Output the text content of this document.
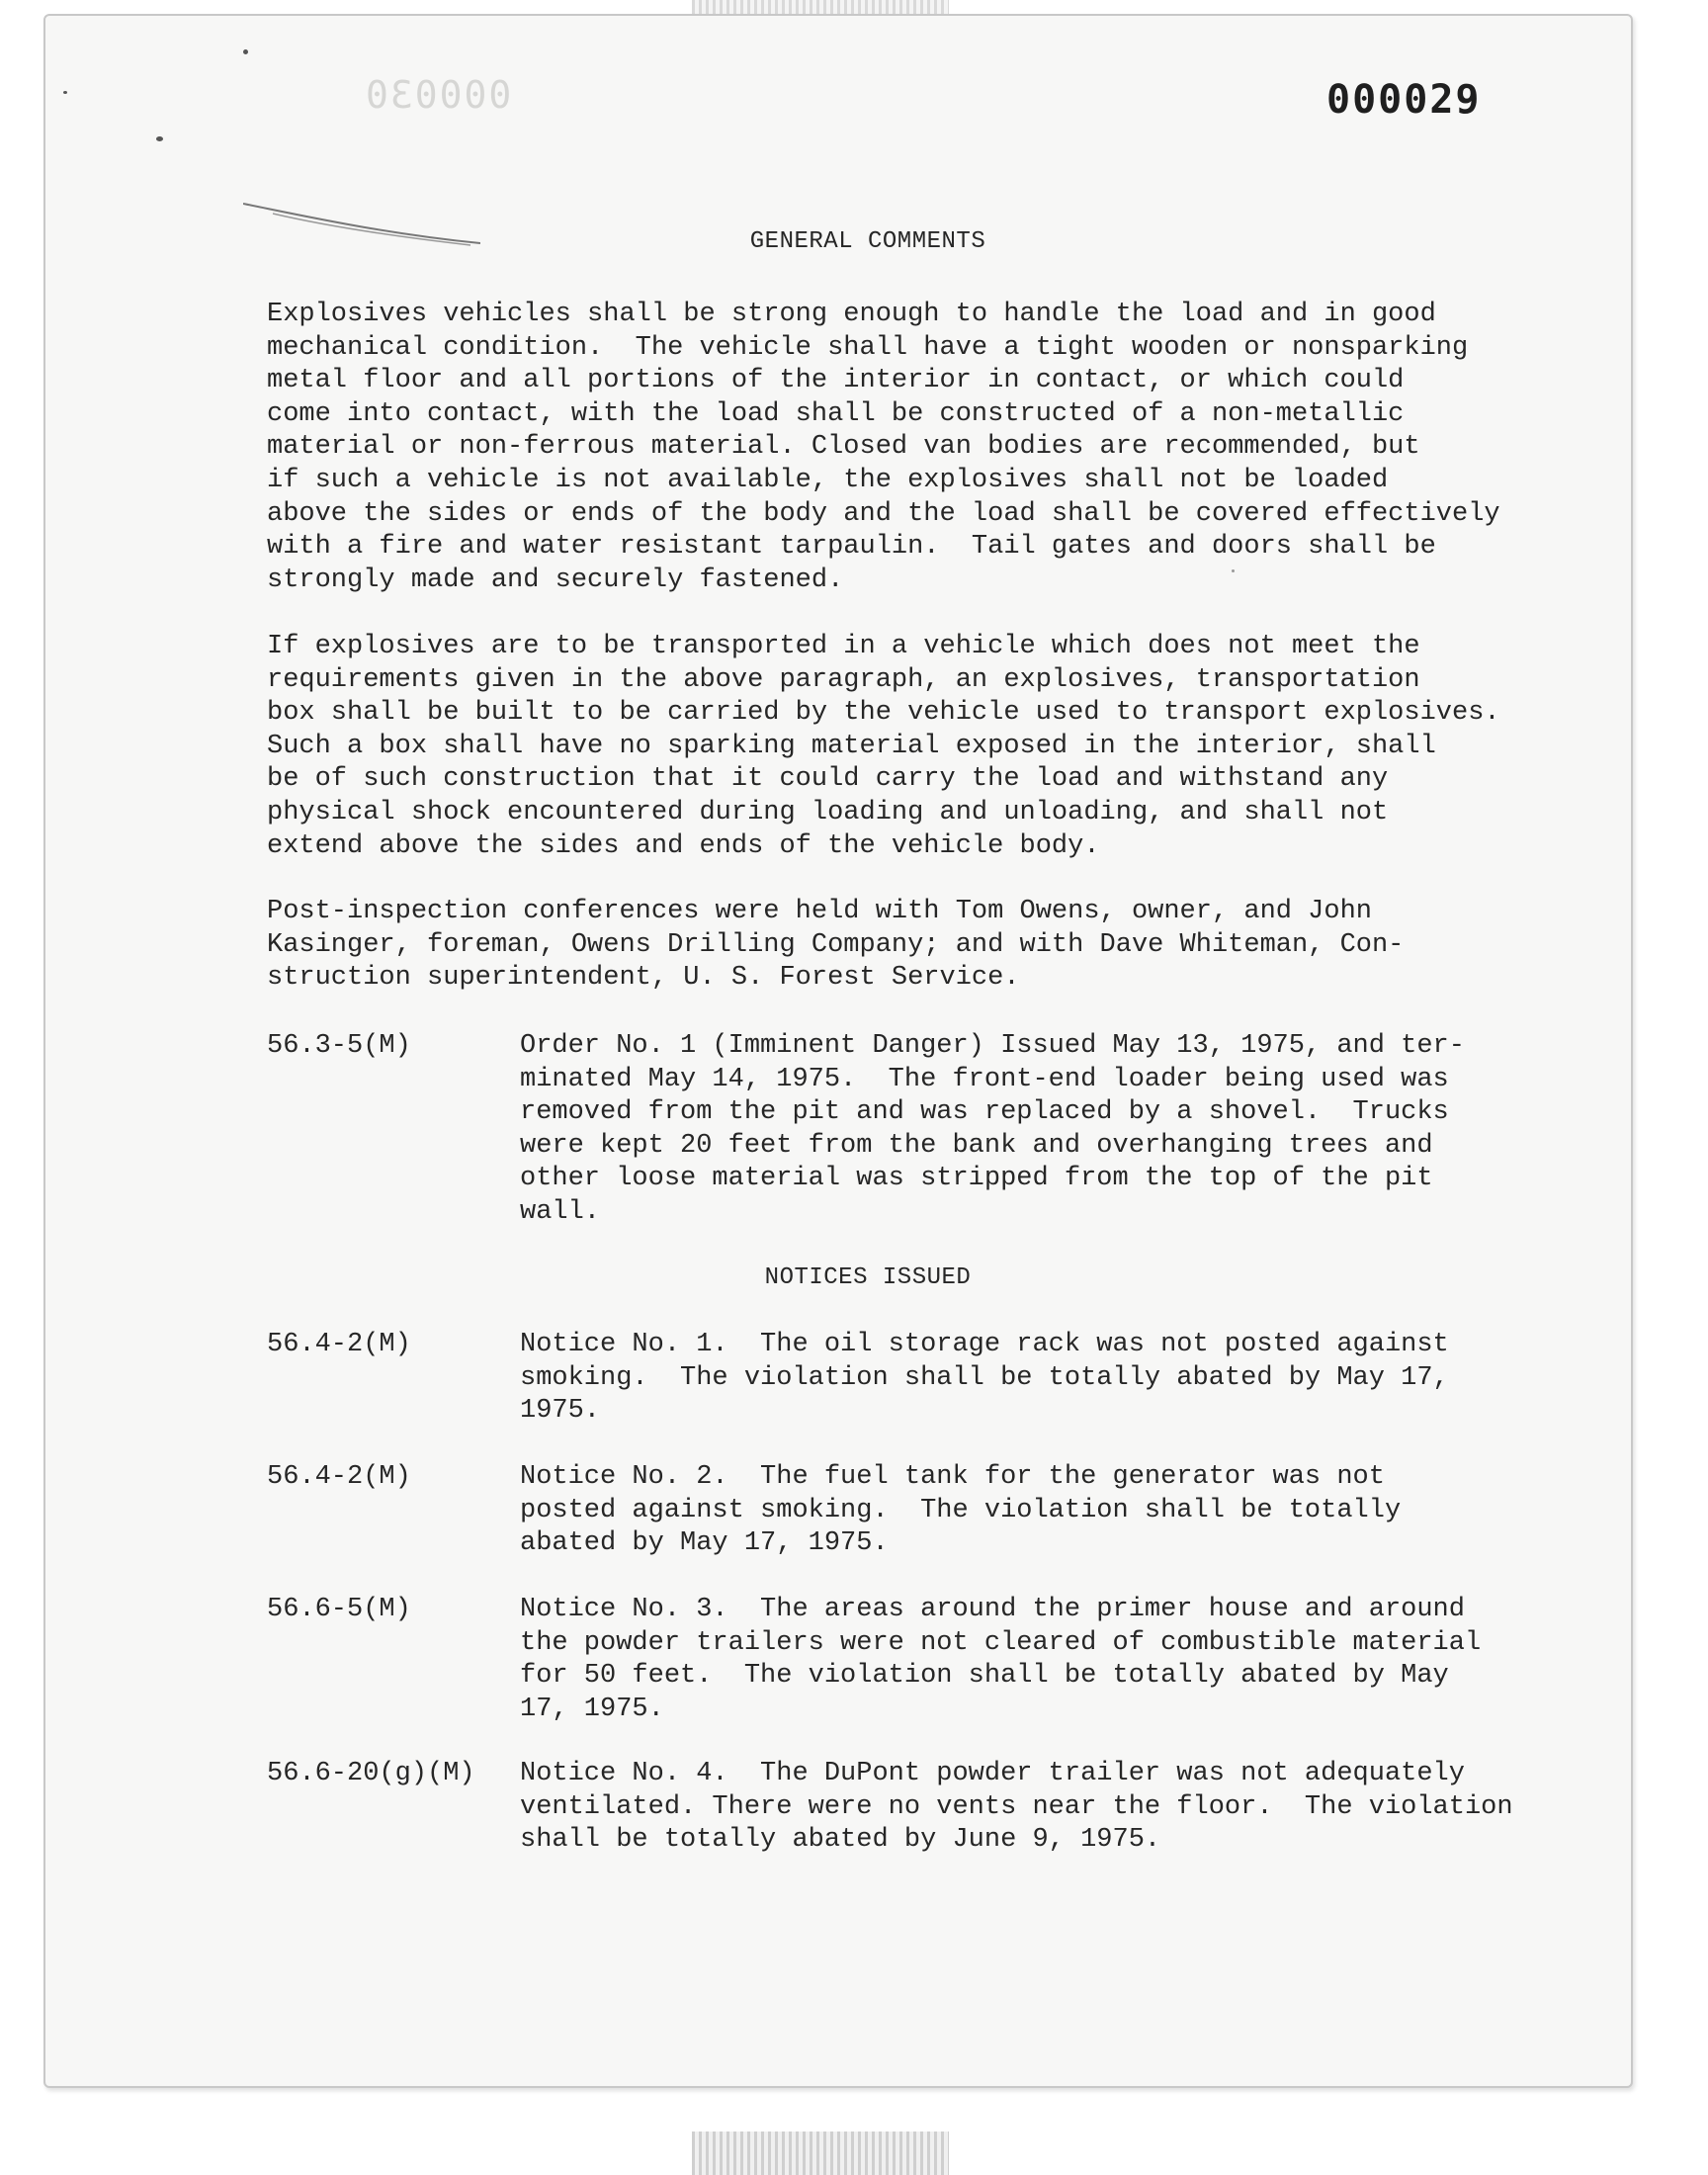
000030	000029

GENERAL COMMENTS

Explosives vehicles shall be strong enough to handle the load and in good
mechanical condition.  The vehicle shall have a tight wooden or nonsparking
metal floor and all portions of the interior in contact, or which could
come into contact, with the load shall be constructed of a non-metallic
material or non-ferrous material. Closed van bodies are recommended, but
if such a vehicle is not available, the explosives shall not be loaded
above the sides or ends of the body and the load shall be covered effectively
with a fire and water resistant tarpaulin.  Tail gates and doors shall be
strongly made and securely fastened.

If explosives are to be transported in a vehicle which does not meet the
requirements given in the above paragraph, an explosives, transportation
box shall be built to be carried by the vehicle used to transport explosives.
Such a box shall have no sparking material exposed in the interior, shall
be of such construction that it could carry the load and withstand any
physical shock encountered during loading and unloading, and shall not
extend above the sides and ends of the vehicle body.

Post-inspection conferences were held with Tom Owens, owner, and John
Kasinger, foreman, Owens Drilling Company; and with Dave Whiteman, Con-
struction superintendent, U. S. Forest Service.

56.3-5(M)	Order No. 1 (Imminent Danger) Issued May 13, 1975, and ter-
minated May 14, 1975.  The front-end loader being used was
removed from the pit and was replaced by a shovel.  Trucks
were kept 20 feet from the bank and overhanging trees and
other loose material was stripped from the top of the pit
wall.

NOTICES ISSUED

56.4-2(M)	Notice No. 1.  The oil storage rack was not posted against
smoking.  The violation shall be totally abated by May 17,
1975.

56.4-2(M)	Notice No. 2.  The fuel tank for the generator was not
posted against smoking.  The violation shall be totally
abated by May 17, 1975.

56.6-5(M)	Notice No. 3.  The areas around the primer house and around
the powder trailers were not cleared of combustible material
for 50 feet.  The violation shall be totally abated by May
17, 1975.

56.6-20(g)(M) Notice No. 4.  The DuPont powder trailer was not adequately
ventilated. There were no vents near the floor.  The violation
shall be totally abated by June 9, 1975.
